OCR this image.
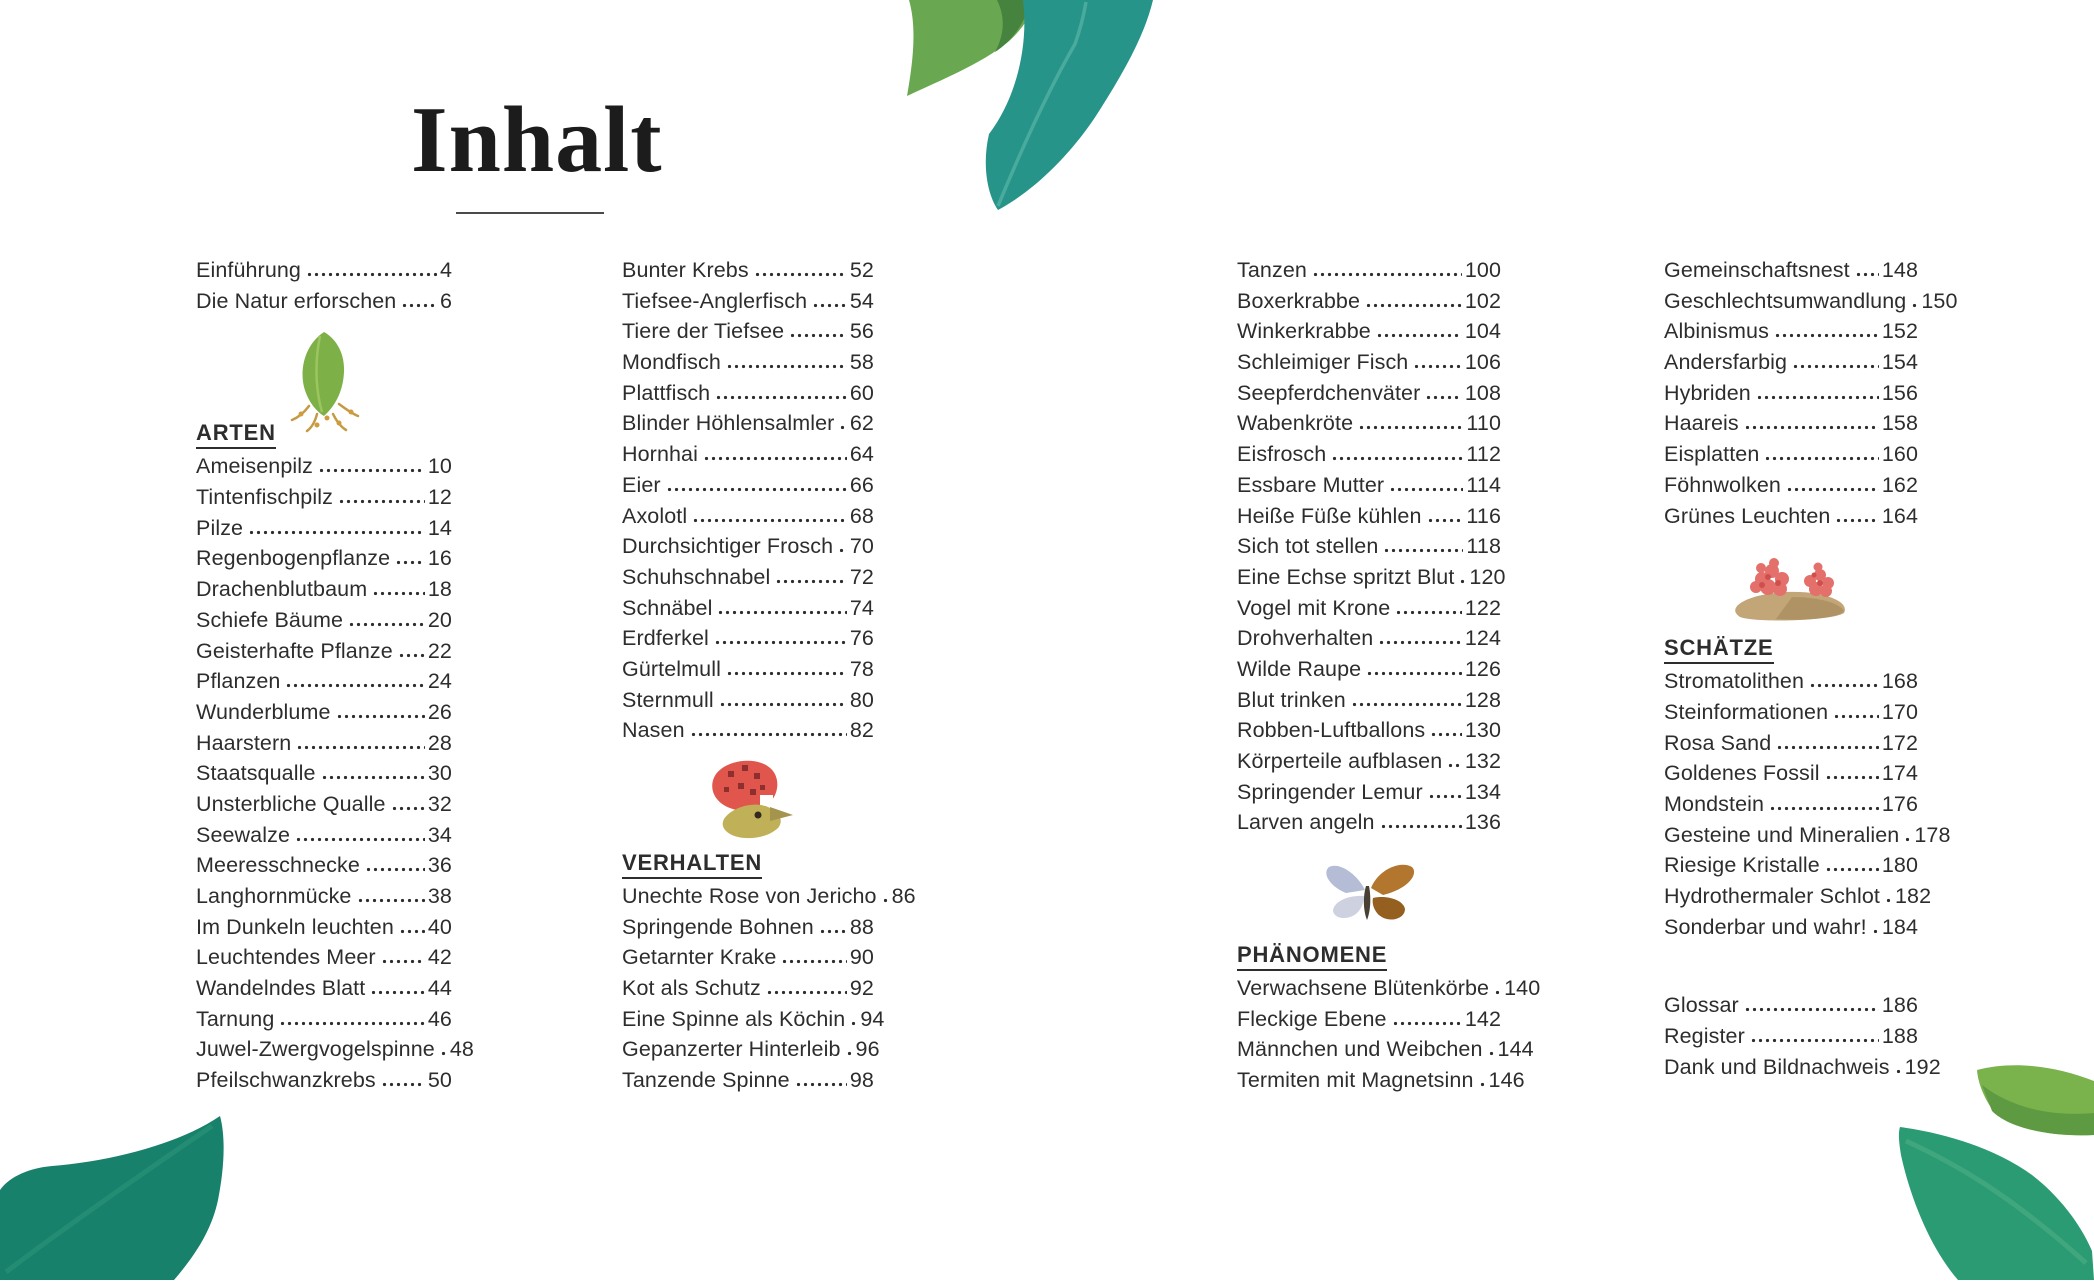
Inhalt
Einführung	4
Die Natur erforschen 6
ARTEN
Ameisenpilz	10
Tintenfischpilz	12
Pilze	14
Regenbogenpflanze 16
Drachenblutbaum	18
Schiefe Bäume	20
Geisterhafte Pflanze 22
Pflanzen	24
Wunderblume	26
Haarstern	28
Staatsqualle	30
Unsterbliche Qualle 32
Seewalze	34
Meeresschnecke	36
Langhornmücke	38
Im Dunkeln leuchten 40
Leuchtendes Meer 42
Wandelndes Blatt	44
Tarnung	46
Juwel-Zwergvogelspinne 48
Pfeilschwanzkrebs 50
Bunter Krebs	52
Tiefsee-Anglerfisch 54
Tiere der Tiefsee	56
Mondfisch	58
Plattfisch	60
Blinder Höhlensalmler 62
Hornhai	64
Eier	66
Axolotl	68
Durchsichtiger Frosch 70
Schuhschnabel	72
Schnäbel	74
Erdferkel	76
Gürtelmull	78
Sternmull	80
Nasen	82
VERHALTEN
Unechte Rose von Jericho 86
Springende Bohnen 88
Getarnter Krake	90
Kot als Schutz	92
Eine Spinne als Köchin 94
Gepanzerter Hinterleib 96
Tanzende Spinne	98
Tanzen	100
Boxerkrabbe	102
Winkerkrabbe	104
Schleimiger Fisch	106
Seepferdchenväter 108
Wabenkröte	110
Eisfrosch	112
Essbare Mutter	114
Heiße Füße kühlen 116
Sich tot stellen	118
Eine Echse spritzt Blut 120
Vogel mit Krone	122
Drohverhalten	124
Wilde Raupe	126
Blut trinken	128
Robben-Luftballons 130
Körperteile aufblasen 132
Springender Lemur 134
Larven angeln	136
PHÄNOMENE
Verwachsene Blütenkörbe 140
Fleckige Ebene	142
Männchen und Weibchen 144
Termiten mit Magnetsinn 146
Gemeinschaftsnest 148
Geschlechtsumwandlung 150
Albinismus	152
Andersfarbig	154
Hybriden	156
Haareis	158
Eisplatten	160
Föhnwolken	162
Grünes Leuchten 164
SCHÄTZE
Stromatolithen	168
Steinformationen 170
Rosa Sand	172
Goldenes Fossil	174
Mondstein	176
Gesteine und Mineralien 178
Riesige Kristalle	180
Hydrothermaler Schlot 182
Sonderbar und wahr! 184
Glossar	186
Register	188
Dank und Bildnachweis 192
